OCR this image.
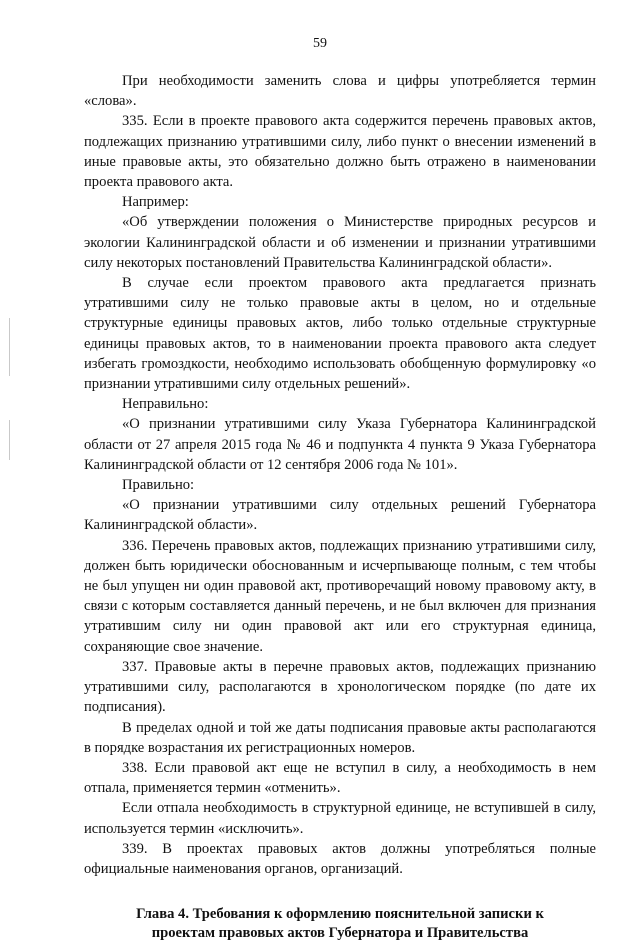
59

При необходимости заменить слова и цифры употребляется термин «слова».

335. Если в проекте правового акта содержится перечень правовых актов, подлежащих признанию утратившими силу, либо пункт о внесении изменений в иные правовые акты, это обязательно должно быть отражено в наименовании проекта правового акта.

Например:

«Об утверждении положения о Министерстве природных ресурсов и экологии Калининградской области и об изменении и признании утратившими силу некоторых постановлений Правительства Калининградской области».

В случае если проектом правового акта предлагается признать утратившими силу не только правовые акты в целом, но и отдельные структурные единицы правовых актов, либо только отдельные структурные единицы правовых актов, то в наименовании проекта правового акта следует избегать громоздкости, необходимо использовать обобщенную формулировку «о признании утратившими силу отдельных решений».

Неправильно:

«О признании утратившими силу Указа Губернатора Калининградской области от 27 апреля 2015 года № 46 и подпункта 4 пункта 9 Указа Губернатора Калининградской области от 12 сентября 2006 года № 101».

Правильно:

«О признании утратившими силу отдельных решений Губернатора Калининградской области».

336. Перечень правовых актов, подлежащих признанию утратившими силу, должен быть юридически обоснованным и исчерпывающе полным, с тем чтобы не был упущен ни один правовой акт, противоречащий новому правовому акту, в связи с которым составляется данный перечень, и не был включен для признания утратившим силу ни один правовой акт или его структурная единица, сохраняющие свое значение.

337. Правовые акты в перечне правовых актов, подлежащих признанию утратившими силу, располагаются в хронологическом порядке (по дате их подписания).

В пределах одной и той же даты подписания правовые акты располагаются в порядке возрастания их регистрационных номеров.

338. Если правовой акт еще не вступил в силу, а необходимость в нем отпала, применяется термин «отменить».

Если отпала необходимость в структурной единице, не вступившей в силу, используется термин «исключить».

339. В проектах правовых актов должны употребляться полные официальные наименования органов, организаций.

Глава 4. Требования к оформлению пояснительной записки к
проектам правовых актов Губернатора и Правительства
